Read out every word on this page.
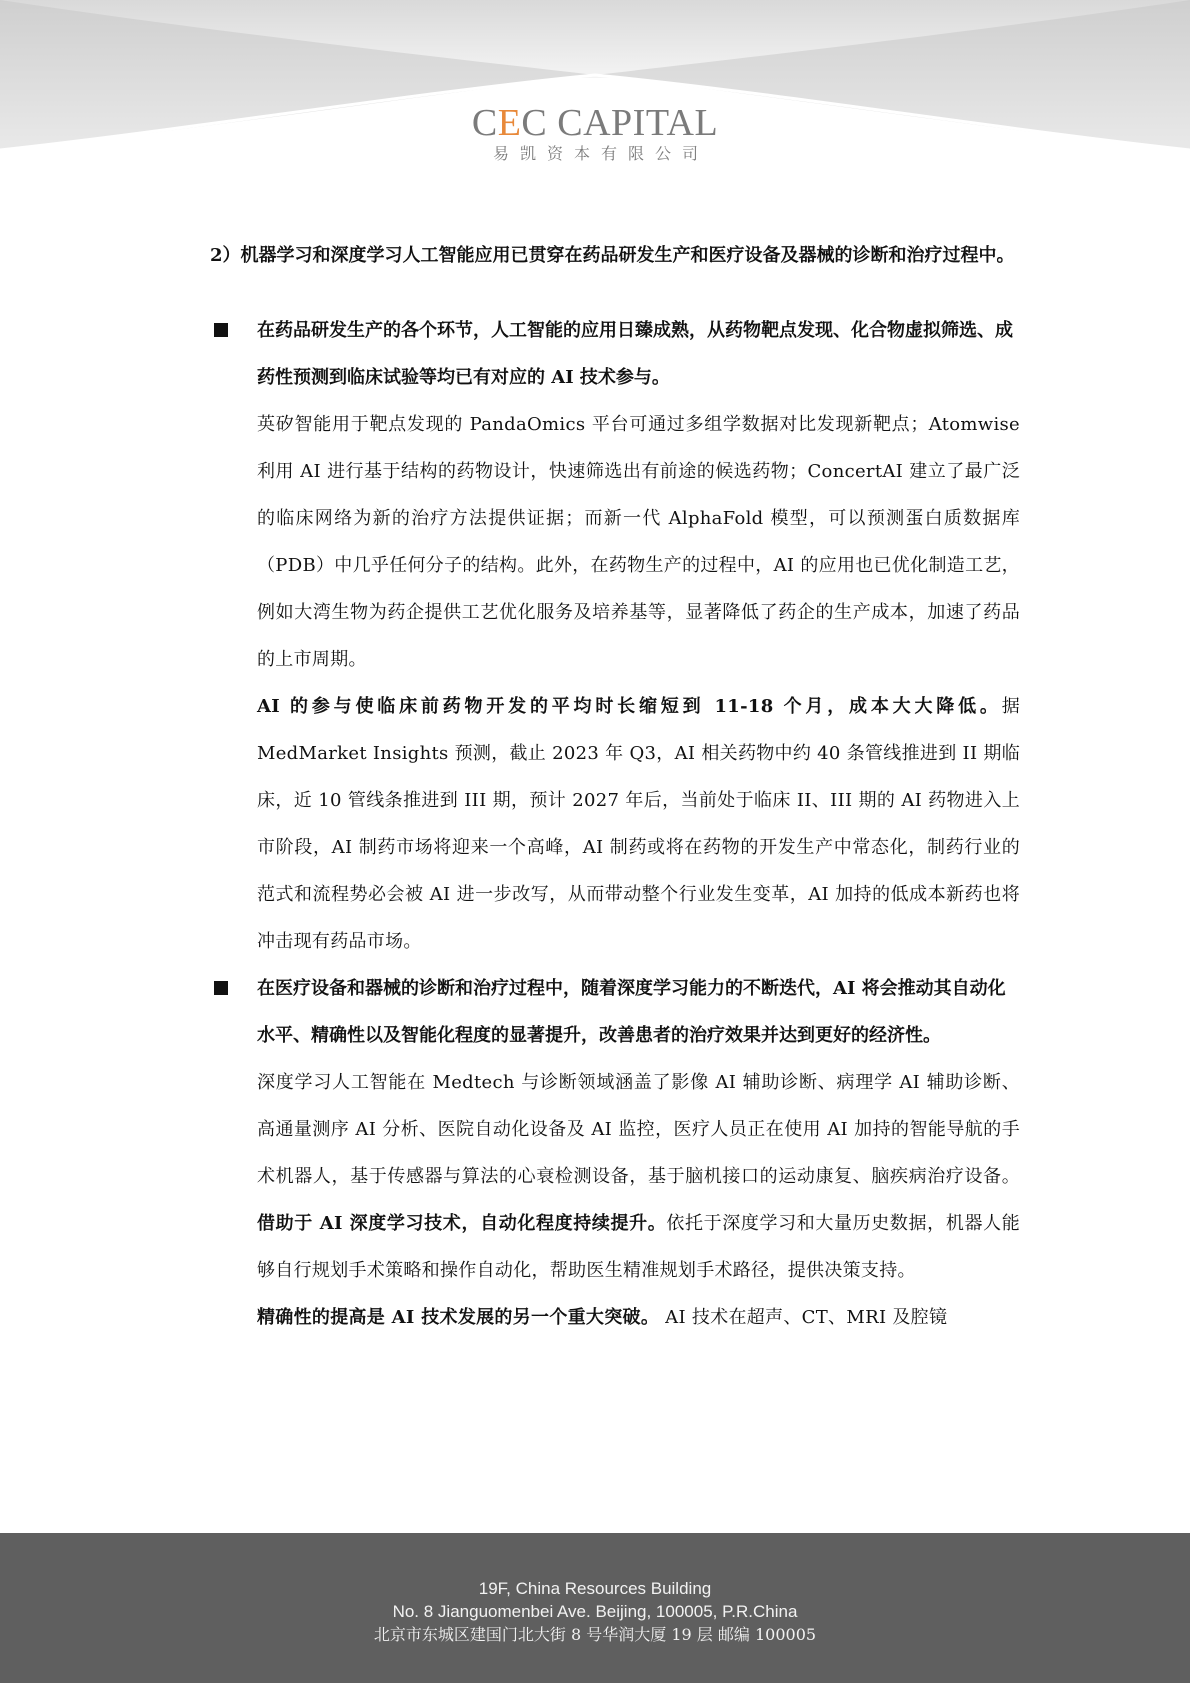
CEC CAPITAL
易凯资本有限公司

2）机器学习和深度学习人工智能应用已贯穿在药品研发生产和医疗设备及器械的诊断和治疗过程中。

在药品研发生产的各个环节，人工智能的应用日臻成熟，从药物靶点发现、化合物虚拟筛选、成药性预测到临床试验等均已有对应的 AI 技术参与。

英矽智能用于靶点发现的 PandaOmics 平台可通过多组学数据对比发现新靶点；Atomwise 利用 AI 进行基于结构的药物设计，快速筛选出有前途的候选药物；ConcertAI 建立了最广泛的临床网络为新的治疗方法提供证据；而新一代 AlphaFold 模型，可以预测蛋白质数据库（PDB）中几乎任何分子的结构。此外，在药物生产的过程中，AI 的应用也已优化制造工艺，例如大湾生物为药企提供工艺优化服务及培养基等，显著降低了药企的生产成本，加速了药品的上市周期。

AI 的参与使临床前药物开发的平均时长缩短到 11-18 个月，成本大大降低。据 MedMarket Insights 预测，截止 2023 年 Q3，AI 相关药物中约 40 条管线推进到 II 期临床，近 10 管线条推进到 III 期，预计 2027 年后，当前处于临床 II、III 期的 AI 药物进入上市阶段，AI 制药市场将迎来一个高峰，AI 制药或将在药物的开发生产中常态化，制药行业的范式和流程势必会被 AI 进一步改写，从而带动整个行业发生变革，AI 加持的低成本新药也将冲击现有药品市场。

在医疗设备和器械的诊断和治疗过程中，随着深度学习能力的不断迭代，AI 将会推动其自动化水平、精确性以及智能化程度的显著提升，改善患者的治疗效果并达到更好的经济性。

深度学习人工智能在 Medtech 与诊断领域涵盖了影像 AI 辅助诊断、病理学 AI 辅助诊断、高通量测序 AI 分析、医院自动化设备及 AI 监控，医疗人员正在使用 AI 加持的智能导航的手术机器人，基于传感器与算法的心衰检测设备，基于脑机接口的运动康复、脑疾病治疗设备。借助于 AI 深度学习技术，自动化程度持续提升。依托于深度学习和大量历史数据，机器人能够自行规划手术策略和操作自动化，帮助医生精准规划手术路径，提供决策支持。

精确性的提高是 AI 技术发展的另一个重大突破。 AI 技术在超声、CT、MRI 及腔镜

19F, China Resources Building
No. 8 Jianguomenbei Ave. Beijing, 100005, P.R.China
北京市东城区建国门北大街 8 号华润大厦 19 层 邮编 100005
